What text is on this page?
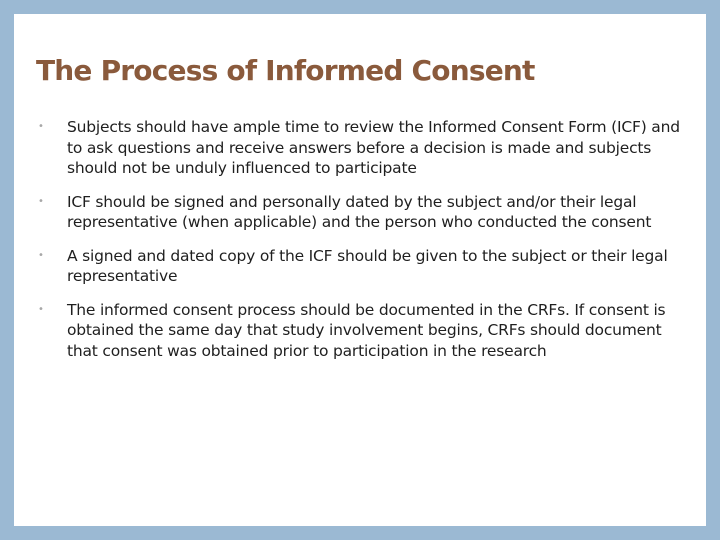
The Process of Informed Consent
• Subjects should have ample time to review the Informed Consent Form (ICF) and to ask questions and receive answers before a decision is made and subjects should not be unduly influenced to participate
• ICF should be signed and personally dated by the subject and/or their legal representative (when applicable) and the person who conducted the consent
• A signed and dated copy of the ICF should be given to the subject or their legal representative
• The informed consent process should be documented in the CRFs. If consent is obtained the same day that study involvement begins, CRFs should document that consent was obtained prior to participation in the research
